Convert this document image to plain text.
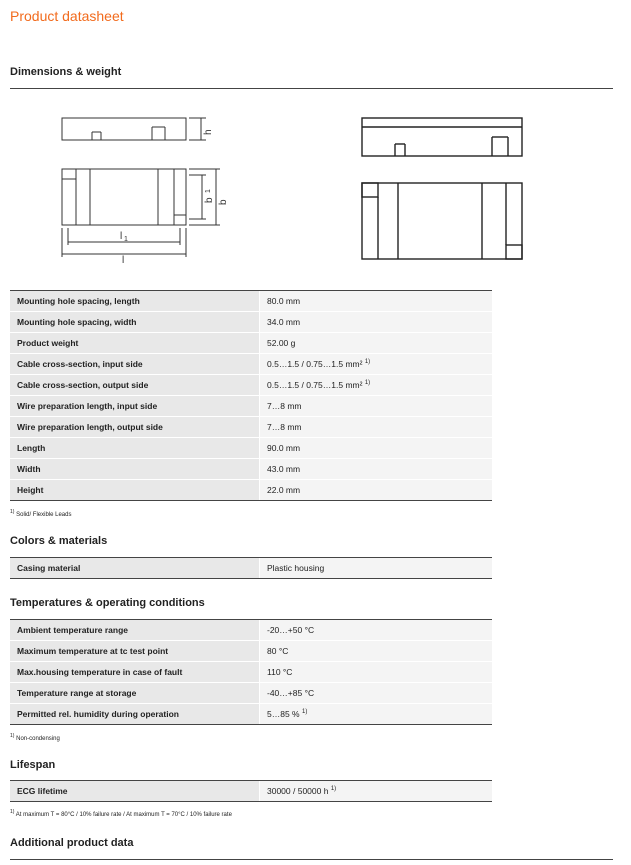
Product datasheet
Dimensions & weight
h
b b
l 1
l
1
Mounting hole spacing, length	80.0 mm
Mounting hole spacing, width	34.0 mm
Product weight	52.00 g
Cable cross-section, input side	0.5…1.5 / 0.75…1.5 mm² $^{1)}$
Cable cross-section, output side	0.5…1.5 / 0.75…1.5 mm² $^{1)}$
Wire preparation length, input side	7…8 mm
Wire preparation length, output side	7…8 mm
Length	90.0 mm
Width	43.0 mm
Height	22.0 mm
$^{1)}$ Solid/ Flexible Leads
Colors & materials
Casing material	Plastic housing
Temperatures & operating conditions
Ambient temperature range	-20…+50 °C
Maximum temperature at tc test point	80 °C
Max.housing temperature in case of fault	110 °C
Temperature range at storage	-40…+85 °C
Permitted rel. humidity during operation	5…85 % $^{1)}$
$^{1)}$ Non-condensing
Lifespan
ECG lifetime	30000 / 50000 h $^{1)}$
$^{1)}$ At maximum T = 80°C / 10% failure rate / At maximum T = 70°C / 10% failure rate
Additional product data
